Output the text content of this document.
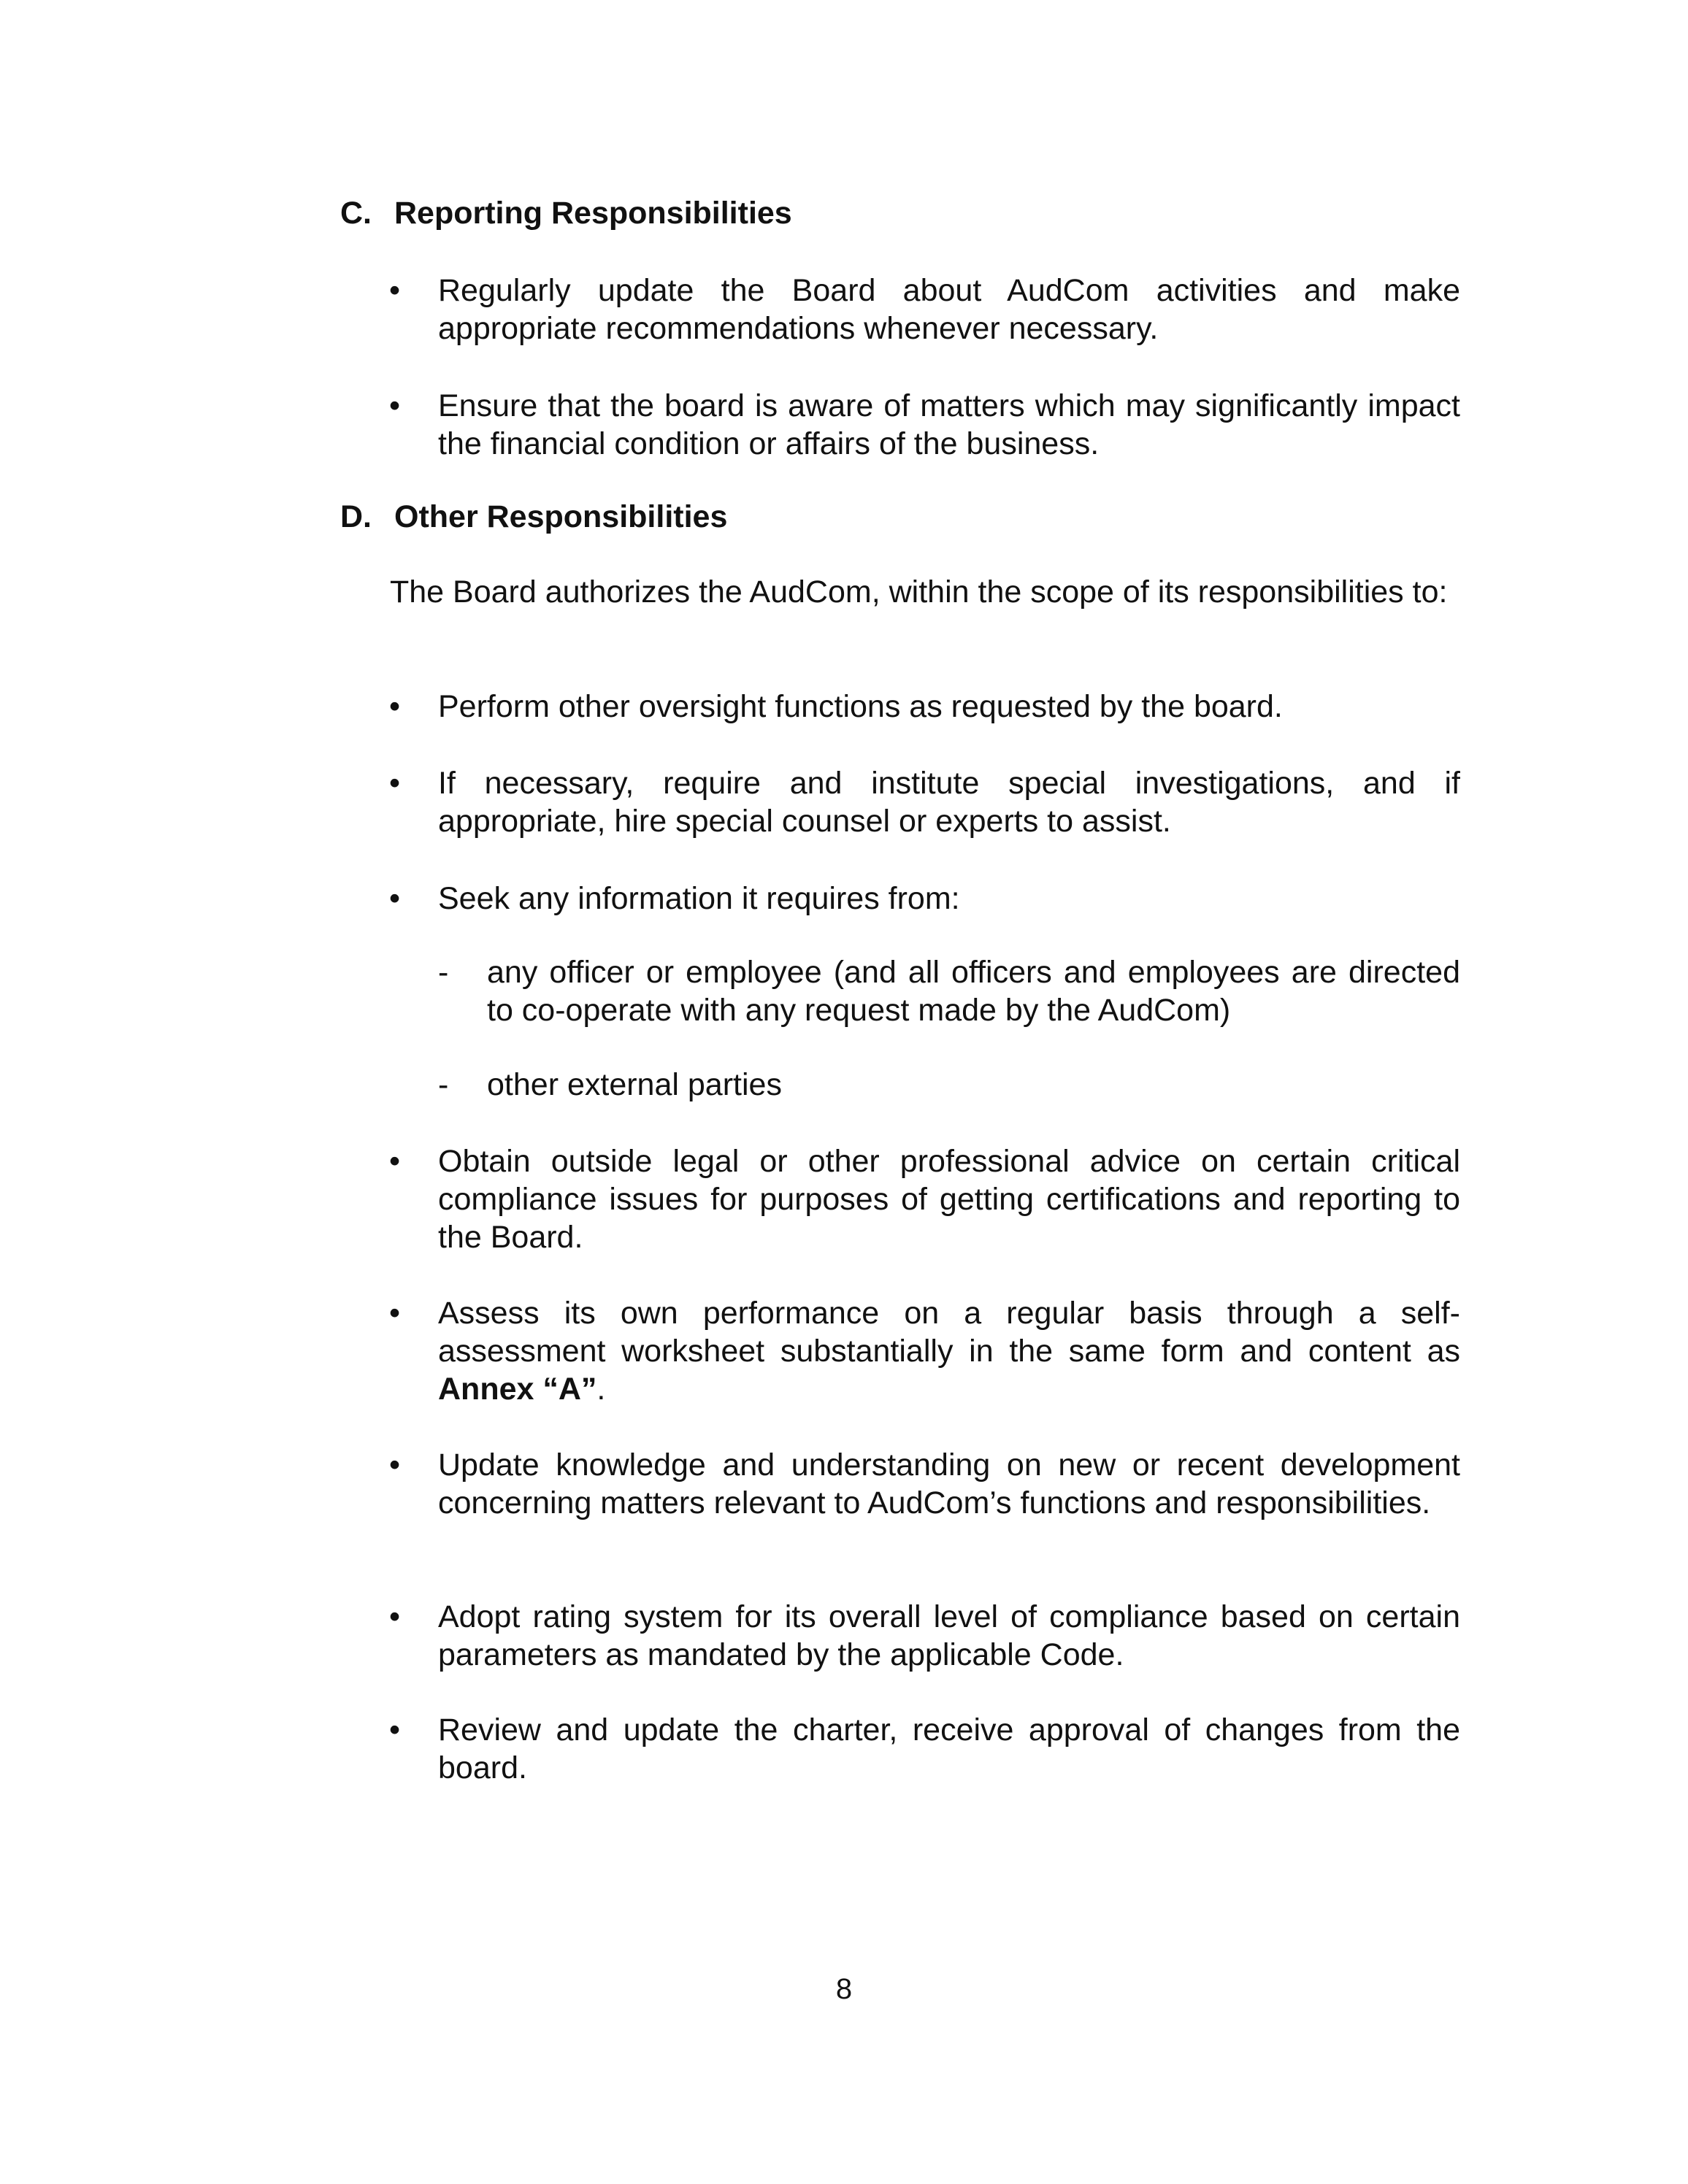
C. Reporting Responsibilities
• Regularly update the Board about AudCom activities and make appropriate recommendations whenever necessary.
• Ensure that the board is aware of matters which may significantly impact the financial condition or affairs of the business.
D. Other Responsibilities
The Board authorizes the AudCom, within the scope of its responsibilities to:
• Perform other oversight functions as requested by the board.
• If necessary, require and institute special investigations, and if appropriate, hire special counsel or experts to assist.
• Seek any information it requires from:
- any officer or employee (and all officers and employees are directed to co-operate with any request made by the AudCom)
- other external parties
• Obtain outside legal or other professional advice on certain critical compliance issues for purposes of getting certifications and reporting to the Board.
• Assess its own performance on a regular basis through a self-assessment worksheet substantially in the same form and content as Annex “A”.
• Update knowledge and understanding on new or recent development concerning matters relevant to AudCom’s functions and responsibilities.
• Adopt rating system for its overall level of compliance based on certain parameters as mandated by the applicable Code.
• Review and update the charter, receive approval of changes from the board.
8
